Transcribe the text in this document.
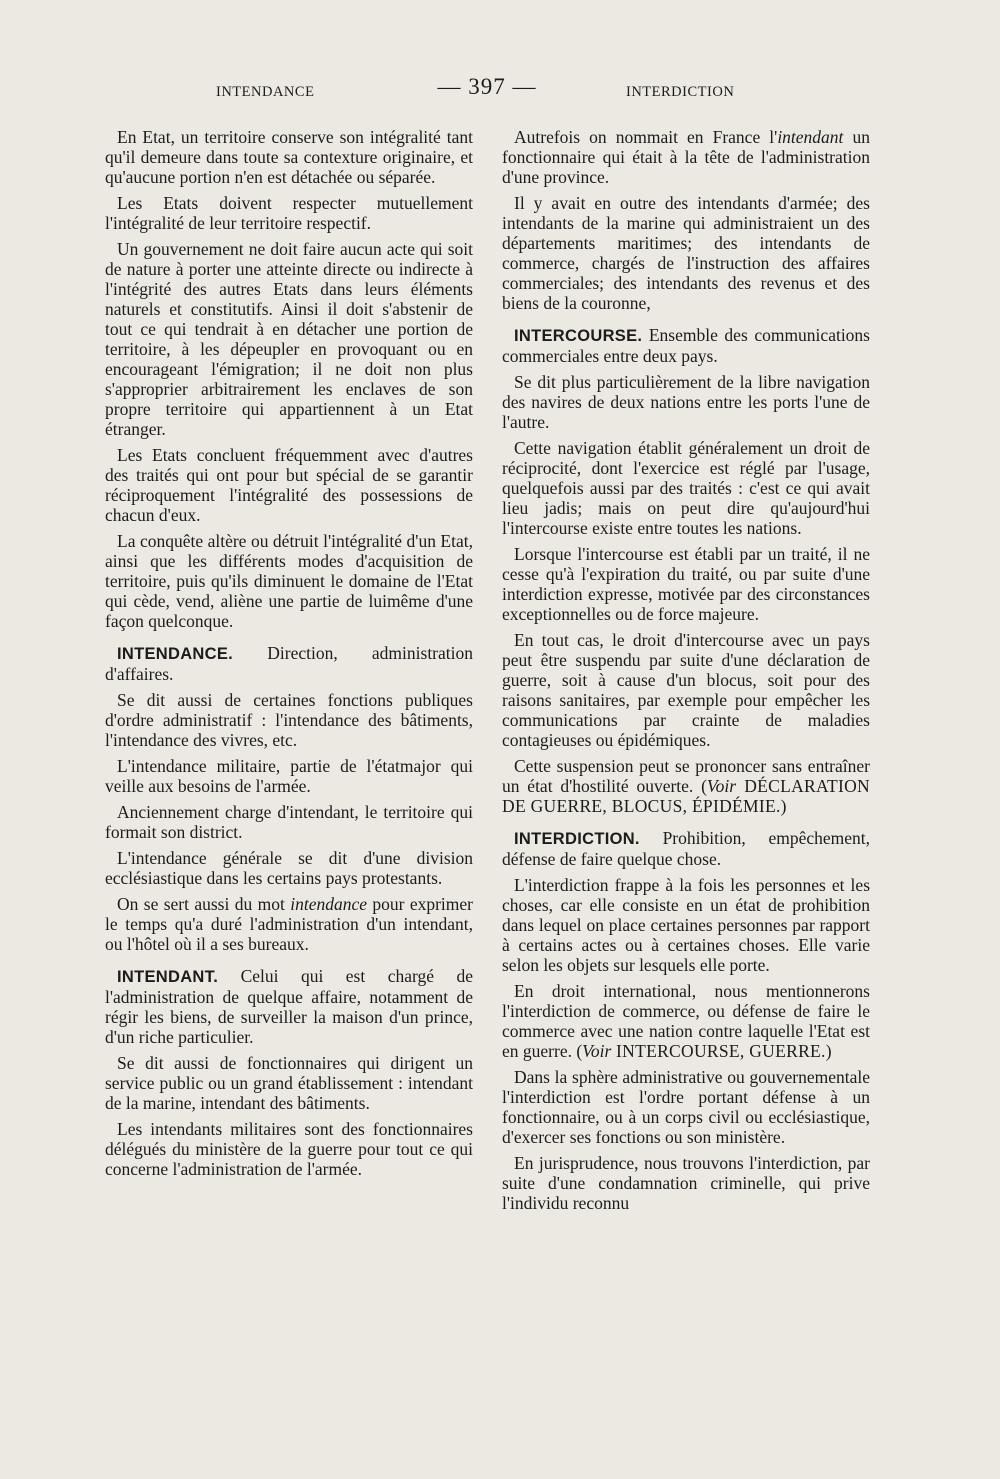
INTENDANCE	— 397 —	INTERDICTION

En Etat, un territoire conserve son intégralité tant qu'il demeure dans toute sa contexture originaire, et qu'aucune portion n'en est détachée ou séparée.

Les Etats doivent respecter mutuellement l'intégralité de leur territoire respectif.

Un gouvernement ne doit faire aucun acte qui soit de nature à porter une atteinte directe ou indirecte à l'intégrité des autres Etats dans leurs éléments naturels et constitutifs. Ainsi il doit s'abstenir de tout ce qui tendrait à en détacher une portion de territoire, à les dépeupler en provoquant ou en encourageant l'émigration; il ne doit non plus s'approprier arbitrairement les enclaves de son propre territoire qui appartiennent à un Etat étranger.

Les Etats concluent fréquemment avec d'autres des traités qui ont pour but spécial de se garantir réciproquement l'intégralité des possessions de chacun d'eux.

La conquête altère ou détruit l'intégralité d'un Etat, ainsi que les différents modes d'acquisition de territoire, puis qu'ils diminuent le domaine de l'Etat qui cède, vend, aliène une partie de luimême d'une façon quelconque.

INTENDANCE. Direction, administration d'affaires.

Se dit aussi de certaines fonctions publiques d'ordre administratif : l'intendance des bâtiments, l'intendance des vivres, etc.

L'intendance militaire, partie de l'étatmajor qui veille aux besoins de l'armée.

Anciennement charge d'intendant, le territoire qui formait son district.

L'intendance générale se dit d'une division ecclésiastique dans les certains pays protestants.

On se sert aussi du mot intendance pour exprimer le temps qu'a duré l'administration d'un intendant, ou l'hôtel où il a ses bureaux.

INTENDANT. Celui qui est chargé de l'administration de quelque affaire, notamment de régir les biens, de surveiller la maison d'un prince, d'un riche particulier.

Se dit aussi de fonctionnaires qui dirigent un service public ou un grand établissement : intendant de la marine, intendant des bâtiments.

Les intendants militaires sont des fonctionnaires délégués du ministère de la guerre pour tout ce qui concerne l'administration de l'armée.

Autrefois on nommait en France l'intendant un fonctionnaire qui était à la tête de l'administration d'une province.

Il y avait en outre des intendants d'armée; des intendants de la marine qui administraient un des départements maritimes; des intendants de commerce, chargés de l'instruction des affaires commerciales; des intendants des revenus et des biens de la couronne,

INTERCOURSE. Ensemble des communications commerciales entre deux pays.

Se dit plus particulièrement de la libre navigation des navires de deux nations entre les ports l'une de l'autre.

Cette navigation établit généralement un droit de réciprocité, dont l'exercice est réglé par l'usage, quelquefois aussi par des traités : c'est ce qui avait lieu jadis; mais on peut dire qu'aujourd'hui l'intercourse existe entre toutes les nations.

Lorsque l'intercourse est établi par un traité, il ne cesse qu'à l'expiration du traité, ou par suite d'une interdiction expresse, motivée par des circonstances exceptionnelles ou de force majeure.

En tout cas, le droit d'intercourse avec un pays peut être suspendu par suite d'une déclaration de guerre, soit à cause d'un blocus, soit pour des raisons sanitaires, par exemple pour empêcher les communications par crainte de maladies contagieuses ou épidémiques.

Cette suspension peut se prononcer sans entraîner un état d'hostilité ouverte. (Voir DÉCLARATION DE GUERRE, BLOCUS, ÉPIDÉMIE.)

INTERDICTION. Prohibition, empêchement, défense de faire quelque chose.

L'interdiction frappe à la fois les personnes et les choses, car elle consiste en un état de prohibition dans lequel on place certaines personnes par rapport à certains actes ou à certaines choses. Elle varie selon les objets sur lesquels elle porte.

En droit international, nous mentionnerons l'interdiction de commerce, ou défense de faire le commerce avec une nation contre laquelle l'Etat est en guerre. (Voir INTERCOURSE, GUERRE.)

Dans la sphère administrative ou gouvernementale l'interdiction est l'ordre portant défense à un fonctionnaire, ou à un corps civil ou ecclésiastique, d'exercer ses fonctions ou son ministère.

En jurisprudence, nous trouvons l'interdiction, par suite d'une condamnation criminelle, qui prive l'individu reconnu
